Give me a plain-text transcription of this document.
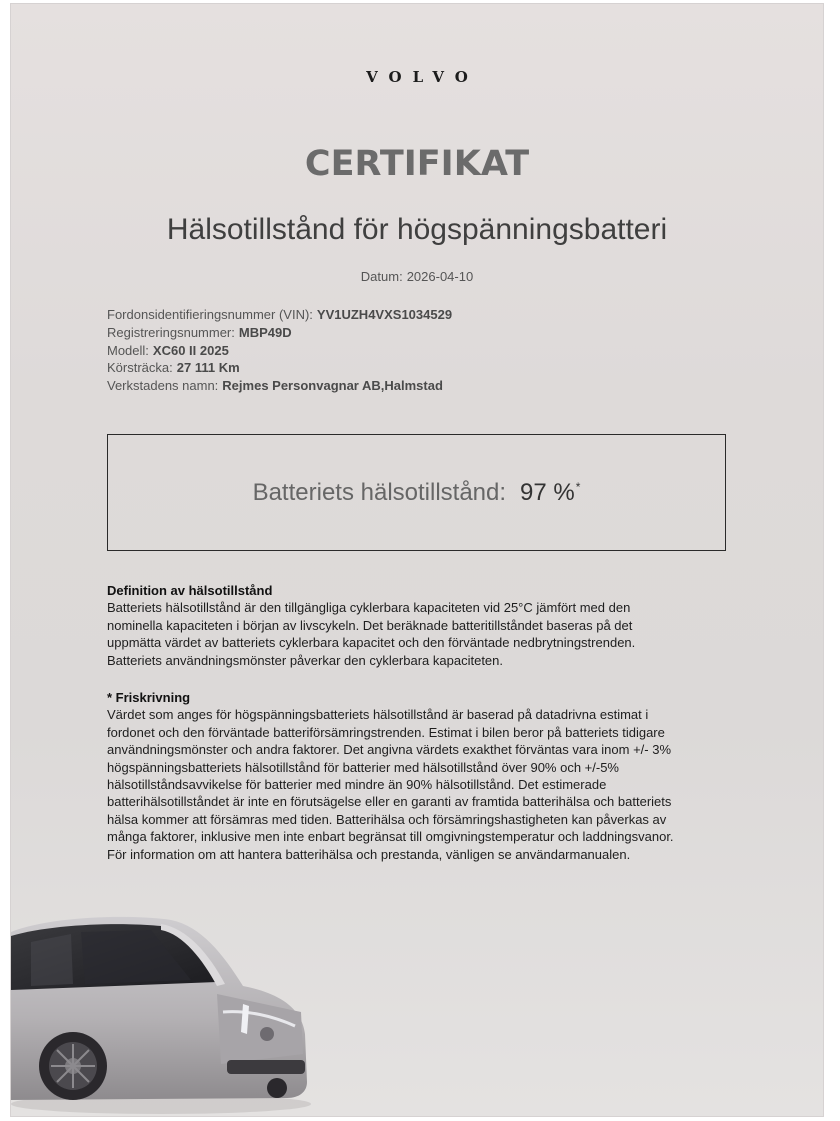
VOLVO
CERTIFIKAT
Hälsotillstånd för högspänningsbatteri
Datum: 2026-04-10
Fordonsidentifieringsnummer (VIN): YV1UZH4VXS1034529
Registreringsnummer: MBP49D
Modell: XC60 II 2025
Körsträcka: 27 111 Km
Verkstadens namn: Rejmes Personvagnar AB,Halmstad
Batteriets hälsotillstånd: 97 %*
Definition av hälsotillstånd
Batteriets hälsotillstånd är den tillgängliga cyklerbara kapaciteten vid 25°C jämfört med den
nominella kapaciteten i början av livscykeln. Det beräknade batteritillståndet baseras på det
uppmätta värdet av batteriets cyklerbara kapacitet och den förväntade nedbrytningstrenden.
Batteriets användningsmönster påverkar den cyklerbara kapaciteten.
* Friskrivning
Värdet som anges för högspänningsbatteriets hälsotillstånd är baserad på datadrivna estimat i
fordonet och den förväntade batteriförsämringstrenden. Estimat i bilen beror på batteriets tidigare
användningsmönster och andra faktorer. Det angivna värdets exakthet förväntas vara inom +/- 3%
högspänningsbatteriets hälsotillstånd för batterier med hälsotillstånd över 90% och +/-5%
hälsotillståndsavvikelse för batterier med mindre än 90% hälsotillstånd. Det estimerade
batterihälsotillståndet är inte en förutsägelse eller en garanti av framtida batterihälsa och batteriets
hälsa kommer att försämras med tiden. Batterihälsa och försämringshastigheten kan påverkas av
många faktorer, inklusive men inte enbart begränsat till omgivningstemperatur och laddningsvanor.
För information om att hantera batterihälsa och prestanda, vänligen se användarmanualen.
